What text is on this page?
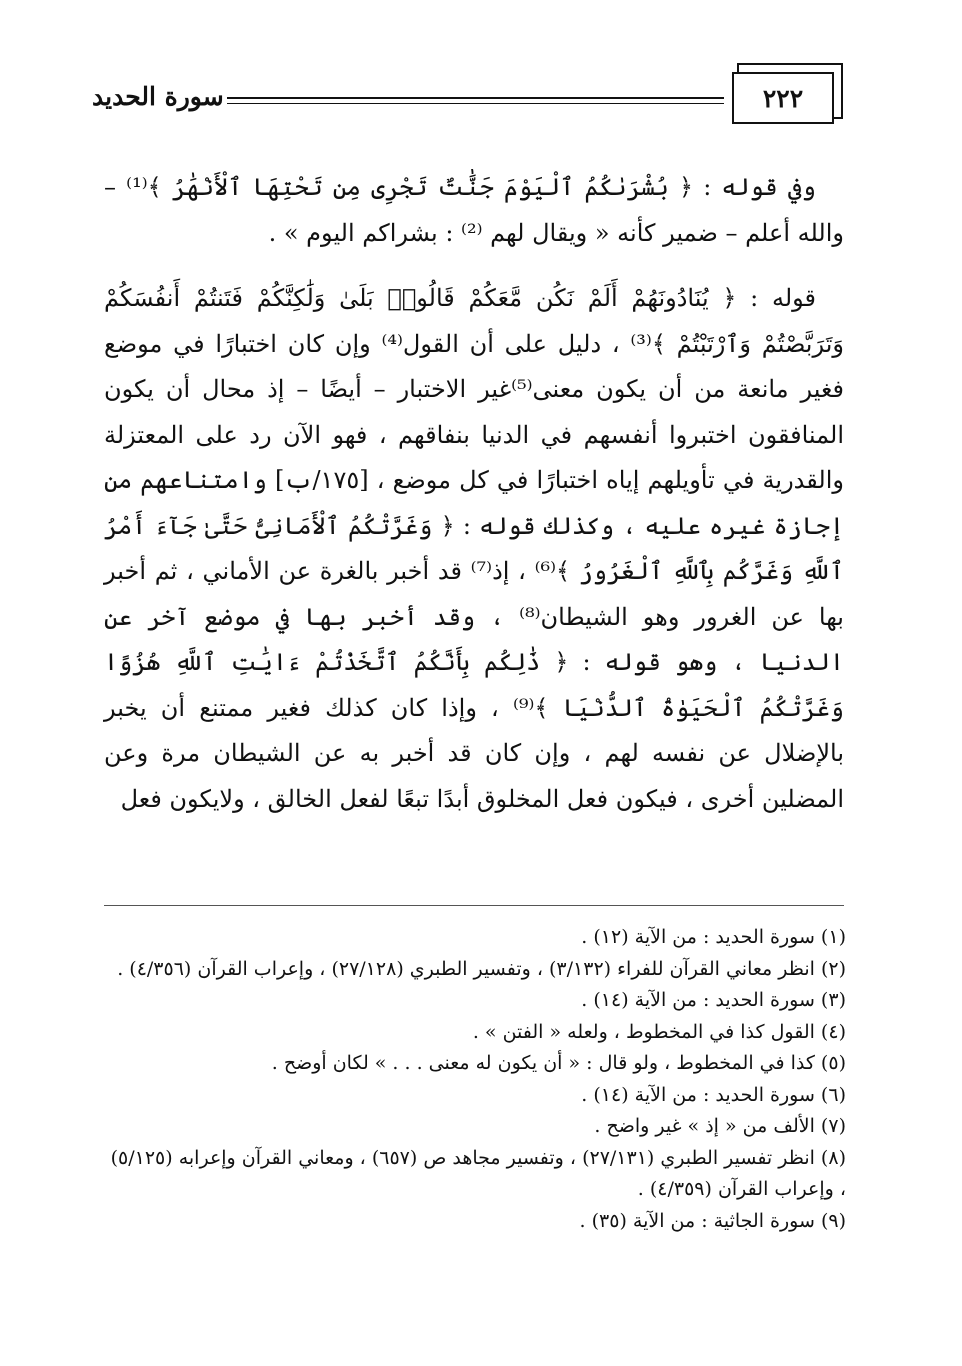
سورة الحديد	٢٢٢

وفي قوله : ﴿ بُشْرَىٰكُمُ ٱلْيَوْمَ جَنَّٰتٌ تَجْرِى مِن تَحْتِهَا ٱلْأَنْهَٰرُ ﴾⁽¹⁾ – والله أعلم – ضمير كأنه « ويقال لهم ⁽²⁾ : بشراكم اليوم » .

قوله : ﴿ يُنَادُونَهُمْ أَلَمْ نَكُن مَّعَكُمْ قَالُوا۟ بَلَىٰ وَلَٰكِنَّكُمْ فَتَنتُمْ أَنفُسَكُمْ وَتَرَبَّصْتُمْ وَٱرْتَبْتُمْ ﴾⁽³⁾ ، دليل على أن القول⁽⁴⁾ وإن كان اختبارًا في موضع فغير مانعة من أن يكون معنى⁽⁵⁾غير الاختبار – أيضًا – إذ محال أن يكون المنافقون اختبروا أنفسهم في الدنيا بنفاقهم ، فهو الآن رد على المعتزلة والقدرية في تأويلهم إياه اختبارًا في كل موضع ، [١٧٥/ب] وامتناعهم من إجازة غيره عليه ، وكذلك قوله : ﴿ وَغَرَّتْكُمُ ٱلْأَمَانِىُّ حَتَّىٰ جَآءَ أَمْرُ ٱللَّهِ وَغَرَّكُم بِٱللَّهِ ٱلْغَرُورُ ﴾⁽⁶⁾ ، إذ⁽⁷⁾ قد أخبر بالغرة عن الأماني ، ثم أخبر بها عن الغرور وهو الشيطان⁽⁸⁾ ، وقد أخبر بها في موضع آخر عن الدنيا ، وهو قوله : ﴿ ذَٰلِكُم بِأَنَّكُمُ ٱتَّخَذْتُمْ ءَايَٰتِ ٱللَّهِ هُزُوًا وَغَرَّتْكُمُ ٱلْحَيَوٰةُ ٱلدُّنْيَا ﴾⁽⁹⁾ ، وإذا كان كذلك فغير ممتنع أن يخبر بالإضلال عن نفسه لهم ، وإن كان قد أخبر به عن الشيطان مرة وعن المضلين أخرى ، فيكون فعل المخلوق أبدًا تبعًا لفعل الخالق ، ولايكون فعل

(١) سورة الحديد : من الآية (١٢) .

(٢) انظر معاني القرآن للفراء (٣/١٣٢) ، وتفسير الطبري (٢٧/١٢٨) ، وإعراب القرآن (٤/٣٥٦) .

(٣) سورة الحديد : من الآية (١٤) .

(٤) القول كذا في المخطوط ، ولعله « الفتن » .

(٥) كذا في المخطوط ، ولو قال : « أن يكون له معنى . . . » لكان أوضح .

(٦) سورة الحديد : من الآية (١٤) .

(٧) الألف من « إذ » غير واضح .

(٨) انظر تفسير الطبري (٢٧/١٣١) ، وتفسير مجاهد ص (٦٥٧) ، ومعاني القرآن وإعرابه (٥/١٢٥) ، وإعراب القرآن (٤/٣٥٩) .

(٩) سورة الجاثية : من الآية (٣٥) .
